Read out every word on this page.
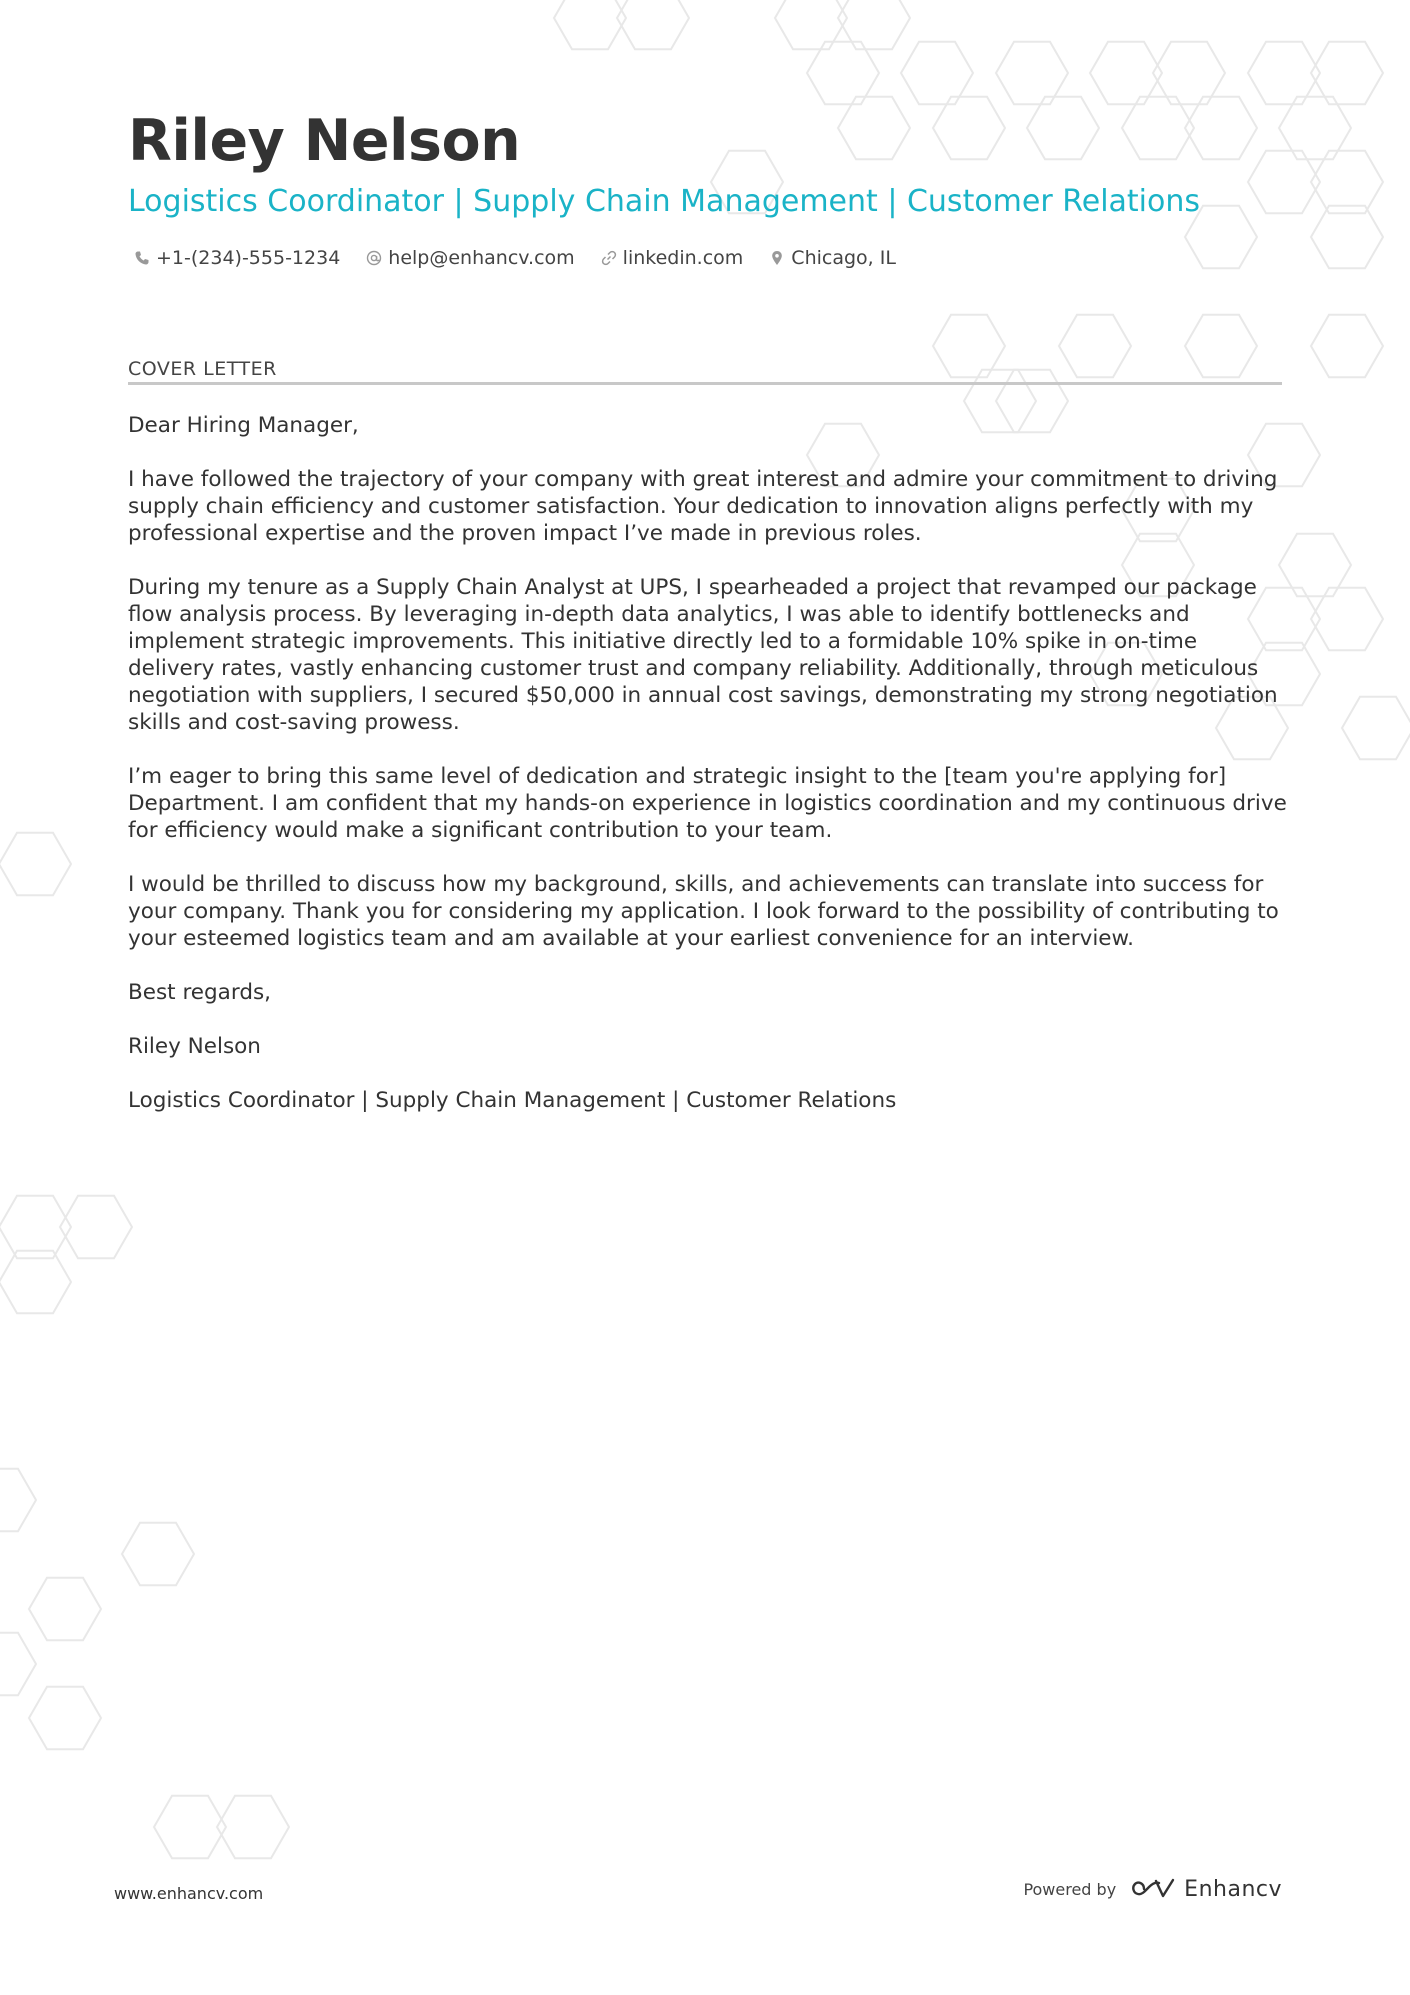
Riley Nelson
Logistics Coordinator | Supply Chain Management | Customer Relations
+1-(234)-555-1234	help@enhancv.com	linkedin.com	Chicago, IL
COVER LETTER

Dear Hiring Manager,

I have followed the trajectory of your company with great interest and admire your commitment to driving supply chain efficiency and customer satisfaction. Your dedication to innovation aligns perfectly with my professional expertise and the proven impact I’ve made in previous roles.

During my tenure as a Supply Chain Analyst at UPS, I spearheaded a project that revamped our package flow analysis process. By leveraging in-depth data analytics, I was able to identify bottlenecks and implement strategic improvements. This initiative directly led to a formidable 10% spike in on-time delivery rates, vastly enhancing customer trust and company reliability. Additionally, through meticulous negotiation with suppliers, I secured $50,000 in annual cost savings, demonstrating my strong negotiation skills and cost-saving prowess.

I’m eager to bring this same level of dedication and strategic insight to the [team you're applying for] Department. I am confident that my hands-on experience in logistics coordination and my continuous drive for efficiency would make a significant contribution to your team.

I would be thrilled to discuss how my background, skills, and achievements can translate into success for your company. Thank you for considering my application. I look forward to the possibility of contributing to your esteemed logistics team and am available at your earliest convenience for an interview.

Best regards,

Riley Nelson

Logistics Coordinator | Supply Chain Management | Customer Relations

www.enhancv.com	Powered by	Enhancv
